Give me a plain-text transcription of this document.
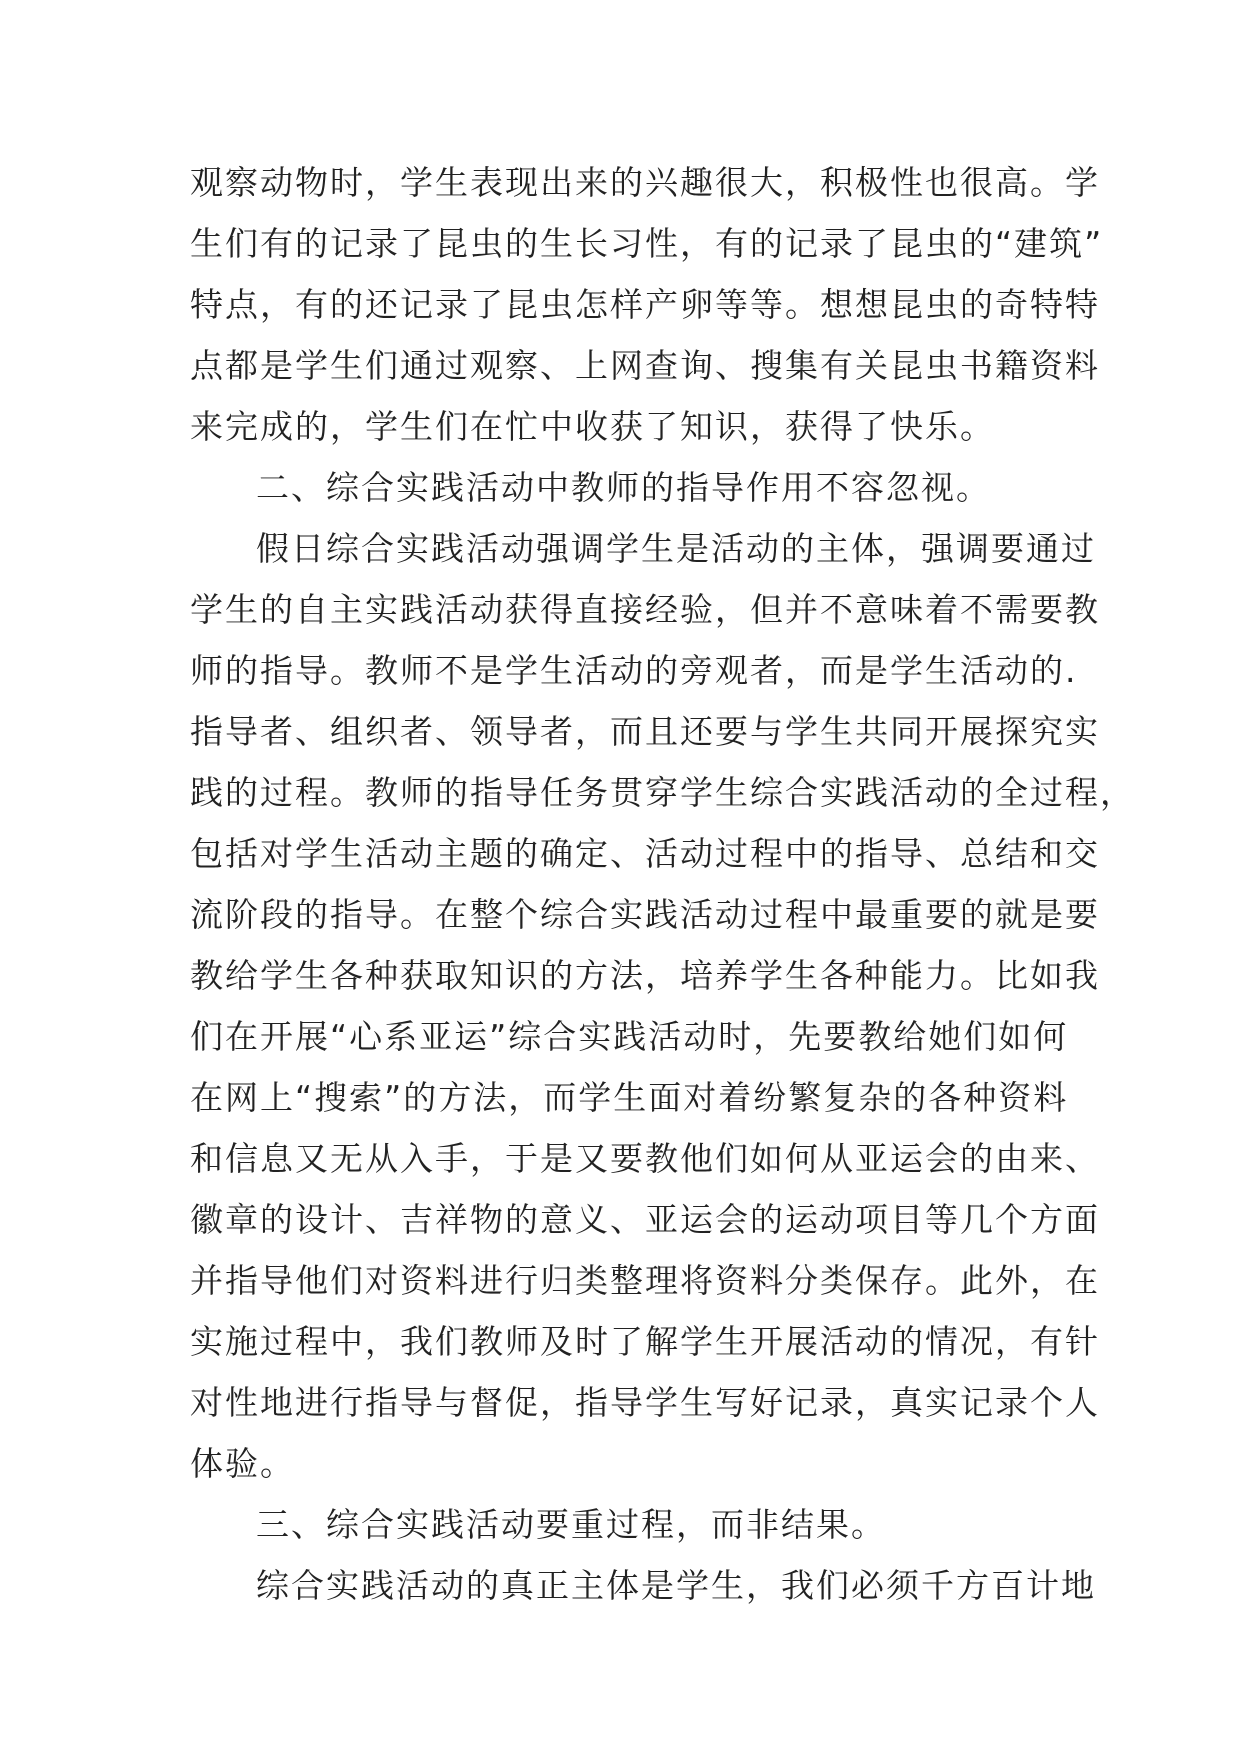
观察动物时，学生表现出来的兴趣很大，积极性也很高。学
生们有的记录了昆虫的生长习性，有的记录了昆虫的“建筑”
特点，有的还记录了昆虫怎样产卵等等。想想昆虫的奇特特
点都是学生们通过观察、上网查询、搜集有关昆虫书籍资料
来完成的，学生们在忙中收获了知识，获得了快乐。
二、综合实践活动中教师的指导作用不容忽视。
假日综合实践活动强调学生是活动的主体，强调要通过
学生的自主实践活动获得直接经验，但并不意味着不需要教
师的指导。教师不是学生活动的旁观者，而是学生活动的.
指导者、组织者、领导者，而且还要与学生共同开展探究实
践的过程。教师的指导任务贯穿学生综合实践活动的全过程，
包括对学生活动主题的确定、活动过程中的指导、总结和交
流阶段的指导。在整个综合实践活动过程中最重要的就是要
教给学生各种获取知识的方法，培养学生各种能力。比如我
们在开展“心系亚运”综合实践活动时，先要教给她们如何
在网上“搜索”的方法，而学生面对着纷繁复杂的各种资料
和信息又无从入手，于是又要教他们如何从亚运会的由来、
徽章的设计、吉祥物的意义、亚运会的运动项目等几个方面
并指导他们对资料进行归类整理将资料分类保存。此外，在
实施过程中，我们教师及时了解学生开展活动的情况，有针
对性地进行指导与督促，指导学生写好记录，真实记录个人
体验。
三、综合实践活动要重过程，而非结果。
综合实践活动的真正主体是学生，我们必须千方百计地
